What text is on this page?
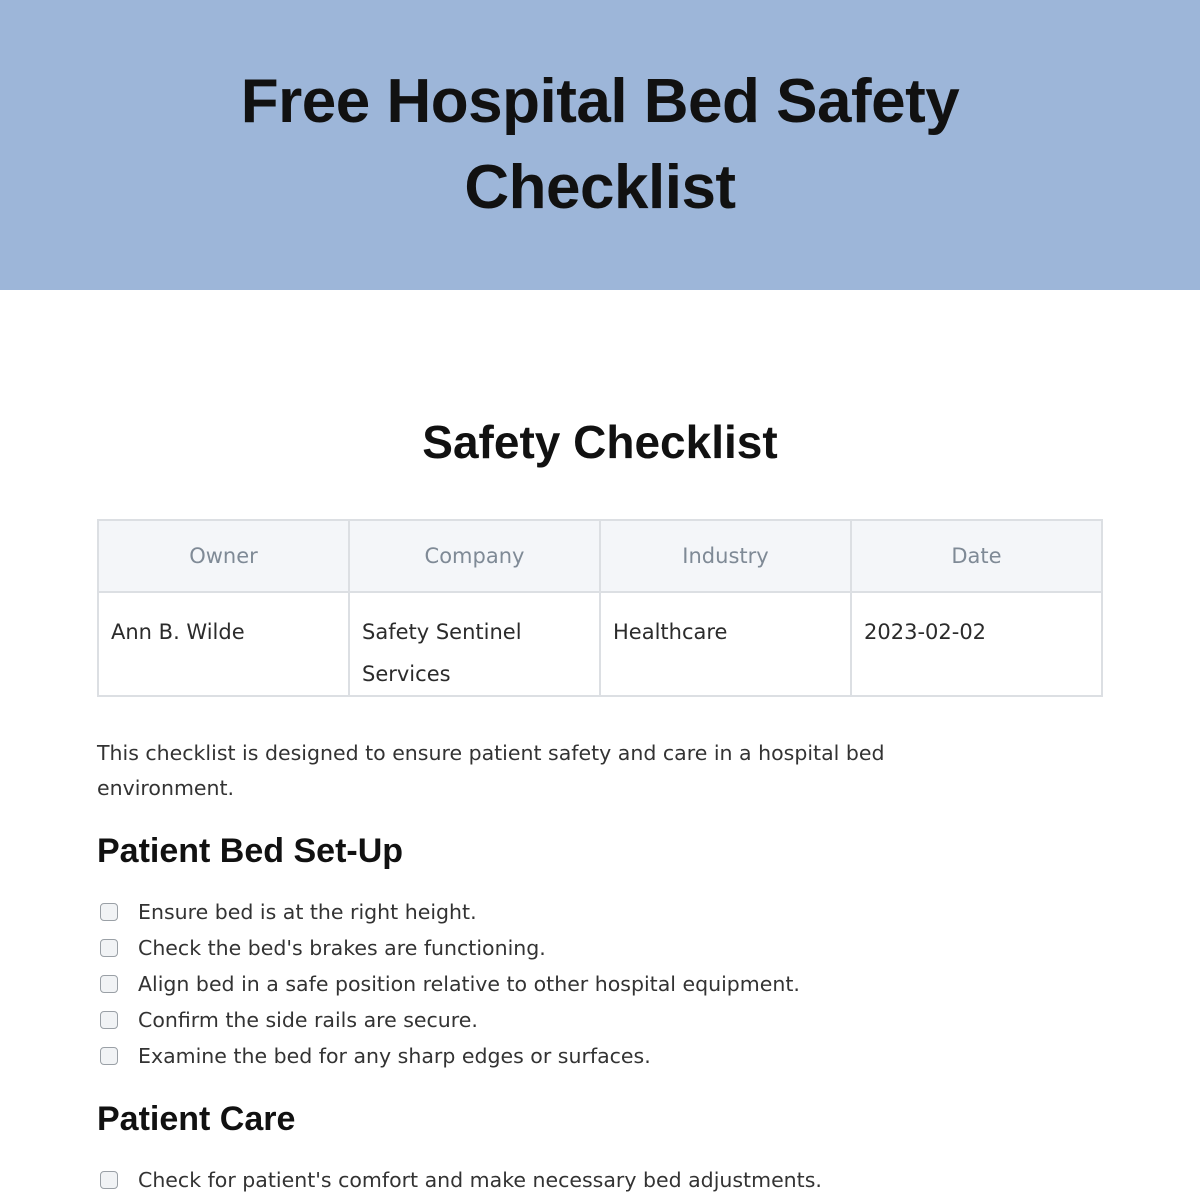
Free Hospital Bed Safety Checklist
Safety Checklist
Owner	Company	Industry	Date
Ann B. Wilde	Safety Sentinel Services	Healthcare	2023-02-02

This checklist is designed to ensure patient safety and care in a hospital bed environment.

Patient Bed Set-Up
Ensure bed is at the right height.
Check the bed's brakes are functioning.
Align bed in a safe position relative to other hospital equipment.
Confirm the side rails are secure.
Examine the bed for any sharp edges or surfaces.
Patient Care
Check for patient's comfort and make necessary bed adjustments.
